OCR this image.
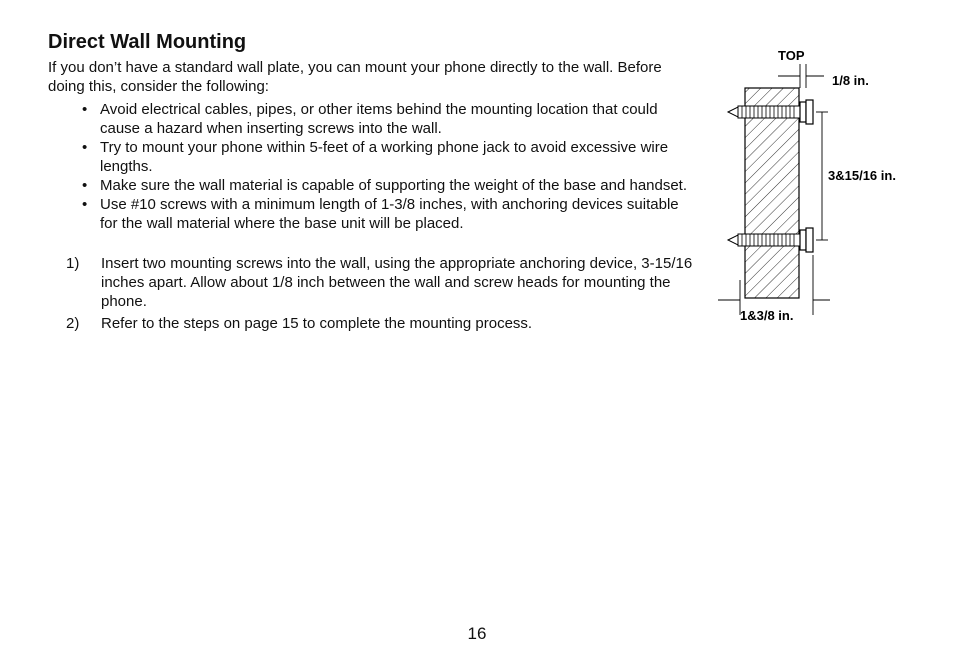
Direct Wall Mounting
If you don’t have a standard wall plate, you can mount your phone directly to the wall. Before doing this, consider the following:
• Avoid electrical cables, pipes, or other items behind the mounting location that could cause a hazard when inserting screws into the wall.
• Try to mount your phone within 5-feet of a working phone jack to avoid excessive wire lengths.
• Make sure the wall material is capable of supporting the weight of the base and handset.
• Use #10 screws with a minimum length of 1-3/8 inches, with anchoring devices suitable for the wall material where the base unit will be placed.
1) Insert two mounting screws into the wall, using the appropriate anchoring device, 3-15/16 inches apart. Allow about 1/8 inch between the wall and screw heads for mounting the phone.
2) Refer to the steps on page 15 to complete the mounting process.
TOP
1/8 in.
3&15/16 in.
1&3/8 in.
16
